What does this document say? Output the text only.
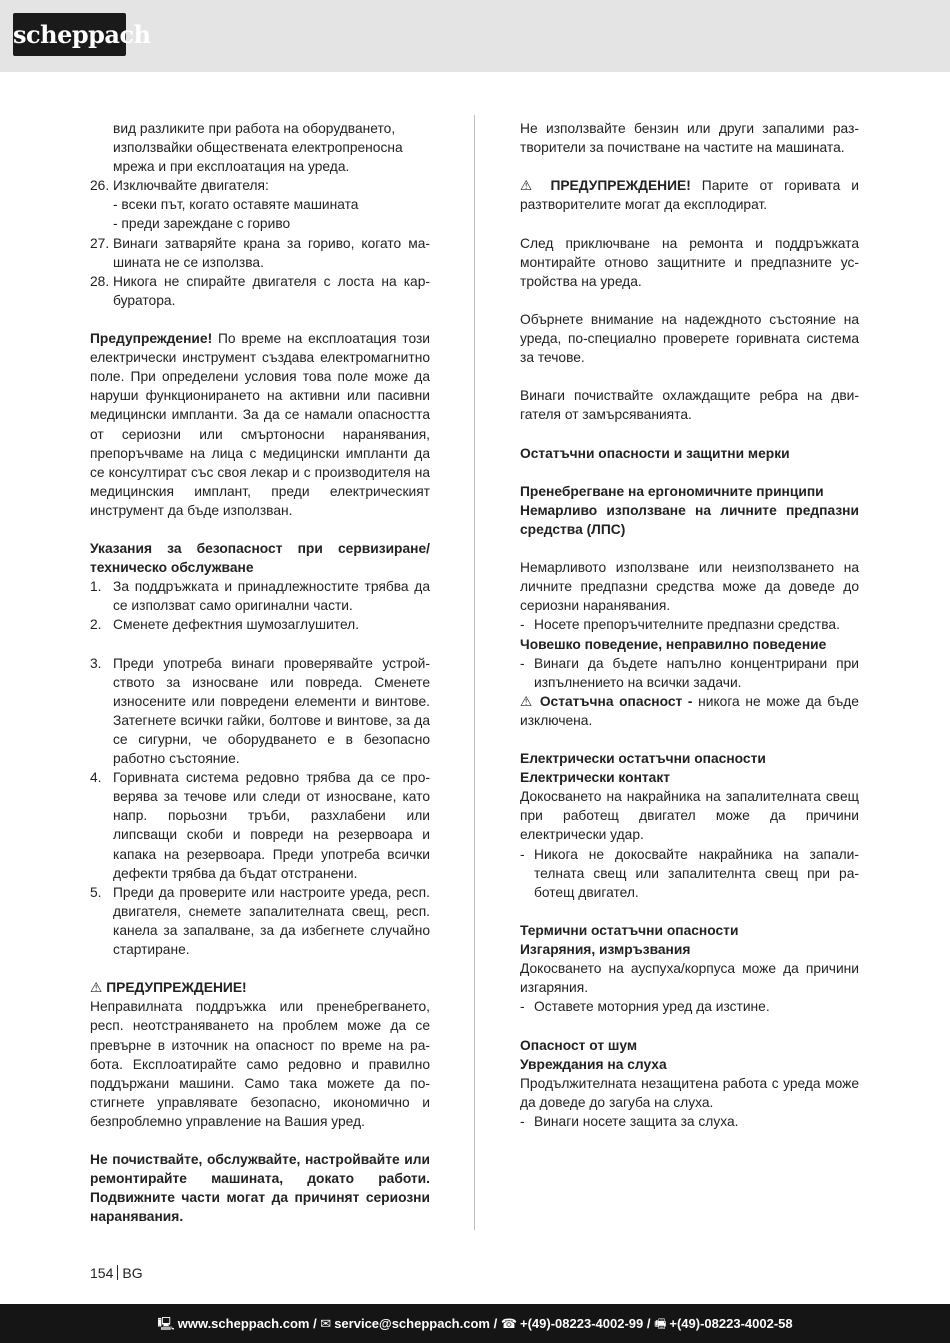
scheppach

вид разликите при работа на оборудването,

използвайки обществената електропреносна

мрежа и при експлоатация на уреда.

26. Изключвайте двигателя:

- всеки път, когато оставяте машината

- преди зареждане с гориво

27. Винаги затваряйте крана за гориво, когато машината не се използва.
28. Никога не спирайте двигателя с лоста на карбуратора.

Предупреждение! По време на експлоатация този електрически инструмент създава електромагнитно поле. При определени условия това поле може да наруши функционирането на активни или пасивни медицински импланти. За да се намали опасността от сериозни или смъртоносни наранявания, препоръчваме на лица с медицински импланти да се консултират със своя лекар и с производителя на медицинския имплант, преди електрическият инструмент да бъде използван.

Указания за безопасност при сервизиране/ техническо обслужване

1. За поддръжката и принадлежностите трябва да се използват само оригинални части.
2. Сменете дефектния шумозаглушител.
3. Преди употреба винаги проверявайте устройството за износване или повреда. Сменете износените или повредени елементи и винтове. Затегнете всички гайки, болтове и винтове, за да се сигурни, че оборудването е в безопасно работно състояние.
4. Горивната система редовно трябва да се проверява за течове или следи от износване, като напр. порьозни тръби, разхлабени или липсващи скоби и повреди на резервоара и капака на резервоара. Преди употреба всички дефекти трябва да бъдат отстранени.
5. Преди да проверите или настроите уреда, респ. двигателя, снемете запалителната свещ, респ. канела за запалване, за да избегнете случайно стартиране.

⚠ ПРЕДУПРЕЖДЕНИЕ!

Неправилната поддръжка или пренебрегването, респ. неотстраняването на проблем може да се превърне в източник на опасност по време на работа. Експлоатирайте само редовно и правилно поддържани машини. Само така можете да постигнете управлявате безопасно, икономично и безпроблемно управление на Вашия уред.

Не почиствайте, обслужвайте, настройвайте или ремонтирайте машината, докато работи. Подвижните части могат да причинят сериозни наранявания.

Не използвайте бензин или други запалими разтворители за почистване на частите на машината.

⚠ ПРЕДУПРЕЖДЕНИЕ! Парите от горивата и разтворителите могат да експлодират.

След приключване на ремонта и поддръжката монтирайте отново защитните и предпазните устройства на уреда.

Обърнете внимание на надеждното състояние на уреда, по-специално проверете горивната система за течове.

Винаги почиствайте охлаждащите ребра на двигателя от замърсяванията.

Остатъчни опасности и защитни мерки

Пренебрегване на ергономичните принципи

Немарливо използване на личните предпазни средства (ЛПС)

Немарливото използване или неизползването на личните предпазни средства може да доведе до сериозни наранявания.

- Носете препоръчителните предпазни средства.

Човешко поведение, неправилно поведение

- Винаги да бъдете напълно концентрирани при изпълнението на всички задачи.

⚠ Остатъчна опасност - никога не може да бъде изключена.

Електрически остатъчни опасности

Електрически контакт

Докосването на накрайника на запалителната свещ при работещ двигател може да причини електрически удар.

- Никога не докосвайте накрайника на запалителната свещ или запалителнта свещ при работещ двигател.

Термични остатъчни опасности

Изгаряния, измръзвания

Докосването на ауспуха/корпуса може да причини изгаряния.

- Оставете моторния уред да изстине.

Опасност от шум

Увреждания на слуха

Продължителната незащитена работа с уреда може да доведе до загуба на слуха.

- Винаги носете защита за слуха.
154 BG
🖳 www.scheppach.com / ✉ service@scheppach.com / ☎ +(49)-08223-4002-99 / 🖷 +(49)-08223-4002-58
